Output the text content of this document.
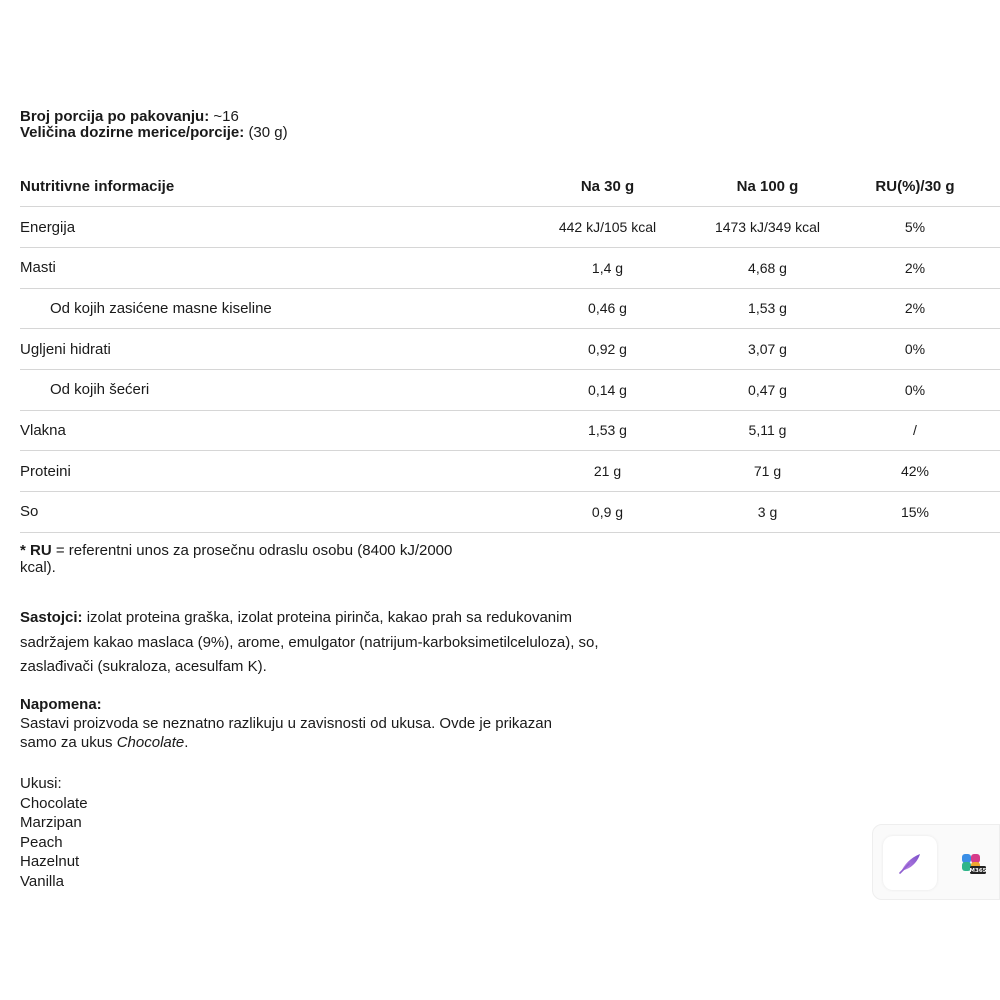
Broj porcija po pakovanju: ~16
Veličina dozirne merice/porcije: (30 g)
Nutritivne informacije	Na 30 g	Na 100 g	RU(%)/30 g
Energija	442 kJ/105 kcal	1473 kJ/349 kcal	5%
Masti	1,4 g	4,68 g	2%
Od kojih zasićene masne kiseline	0,46 g	1,53 g	2%
Ugljeni hidrati	0,92 g	3,07 g	0%
Od kojih šećeri	0,14 g	0,47 g	0%
Vlakna	1,53 g	5,11 g	/
Proteini	21 g	71 g	42%
So	0,9 g	3 g	15%
* RU = referentni unos za prosečnu odraslu osobu (8400 kJ/2000 kcal).
Sastojci: izolat proteina graška, izolat proteina pirinča, kakao prah sa redukovanim sadržajem kakao maslaca (9%), arome, emulgator (natrijum-karboksimetilceluloza), so, zaslađivači (sukraloza, acesulfam K).
Napomena:
Sastavi proizvoda se neznatno razlikuju u zavisnosti od ukusa. Ovde je prikazan samo za ukus Chocolate.
Ukusi:
Chocolate
Marzipan
Peach
Hazelnut
Vanilla
M365
